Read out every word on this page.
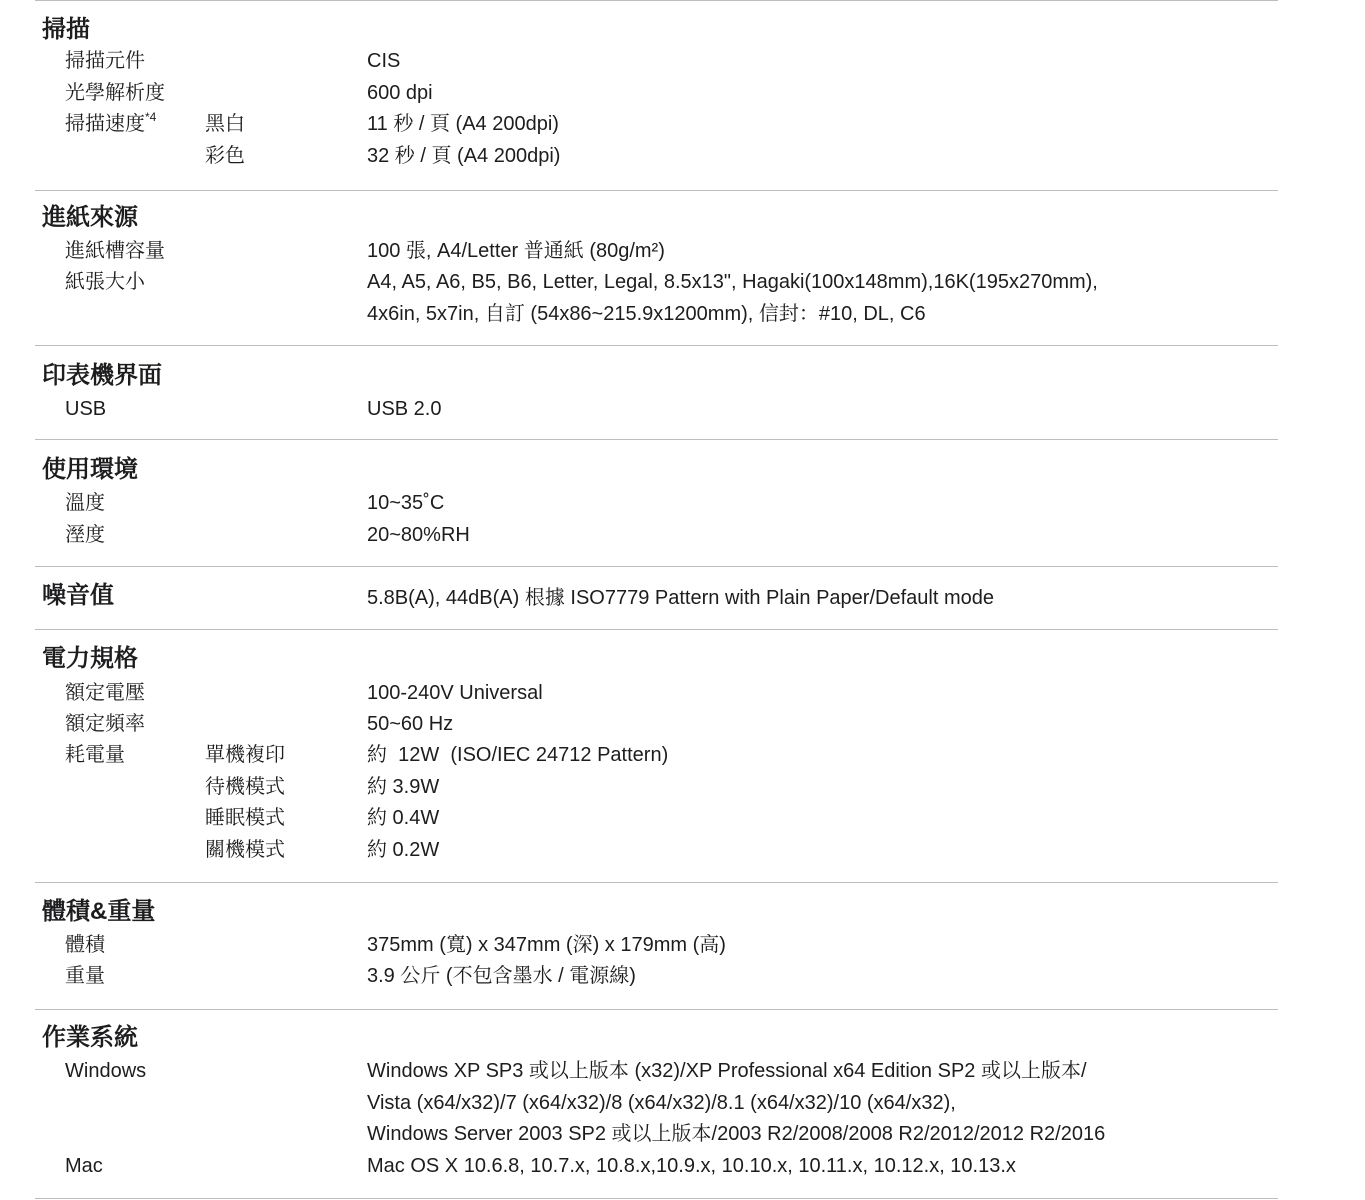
掃描
掃描元件	CIS
光學解析度	600 dpi
掃描速度$^{*4}$ 黑白	11 秒 / 頁 (A4 200dpi)
彩色	32 秒 / 頁 (A4 200dpi)
進紙來源
進紙槽容量	100 張, A4/Letter 普通紙 (80g/m²)
紙張大小	A4, A5, A6, B5, B6, Letter, Legal, 8.5x13", Hagaki(100x148mm),16K(195x270mm),
4x6in, 5x7in, 自訂 (54x86~215.9x1200mm), 信封：#10, DL, C6
印表機界面
USB	USB 2.0
使用環境
溫度	10~35˚C
溼度	20~80%RH
噪音值	5.8B(A), 44dB(A) 根據 ISO7779 Pattern with Plain Paper/Default mode
電力規格
額定電壓	100-240V Universal
額定頻率	50~60 Hz
耗電量	單機複印	約  12W  (ISO/IEC 24712 Pattern)
待機模式	約 3.9W
睡眠模式	約 0.4W
關機模式	約 0.2W
體積&重量
體積	375mm (寬) x 347mm (深) x 179mm (高)
重量	3.9 公斤 (不包含墨水 / 電源線)
作業系統
Windows	Windows XP SP3 或以上版本 (x32)/XP Professional x64 Edition SP2 或以上版本/
Vista (x64/x32)/7 (x64/x32)/8 (x64/x32)/8.1 (x64/x32)/10 (x64/x32),
Windows Server 2003 SP2 或以上版本/2003 R2/2008/2008 R2/2012/2012 R2/2016
Mac	Mac OS X 10.6.8, 10.7.x, 10.8.x,10.9.x, 10.10.x, 10.11.x, 10.12.x, 10.13.x
